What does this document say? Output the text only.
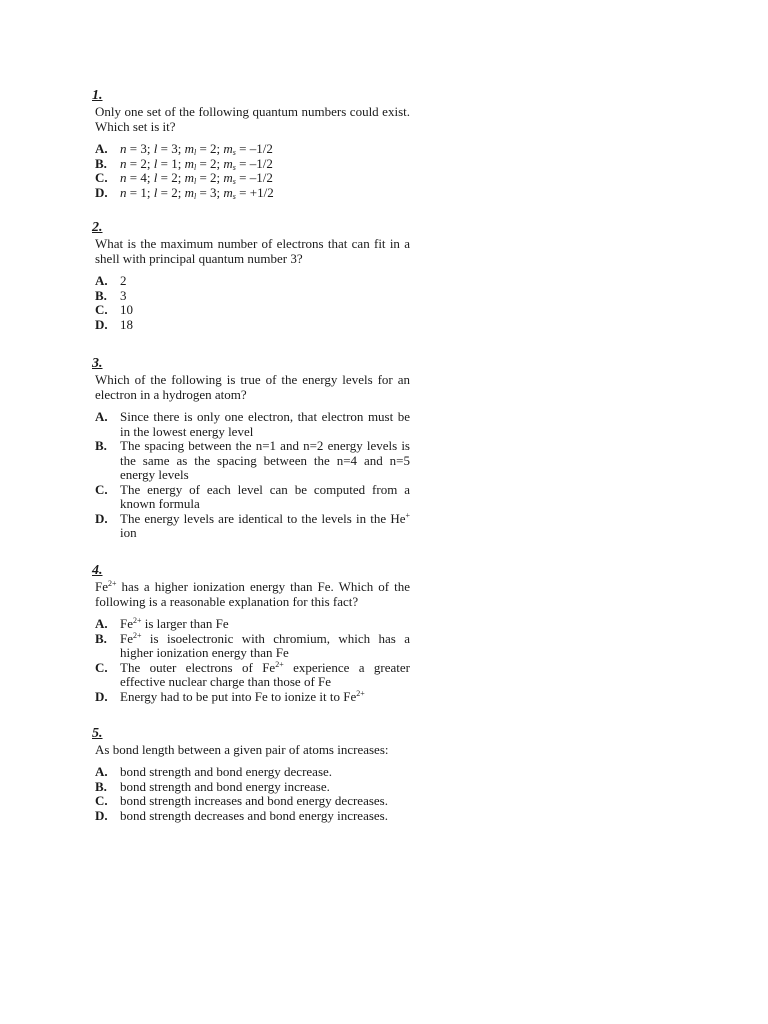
1.
Only one set of the following quantum numbers could exist. Which set is it?
A. n = 3; l = 3; $m_l = 2$; $m_s = -1/2$
B.	n = 2; l = 1; $m_l = 2$; $m_s = -1/2$
C. n = 4; l = 2; $m_l = 2$; $m_s = -1/2$
D. n = 1; l = 2; $m_l = 3$; $m_s = +1/2$
2.
What is the maximum number of electrons that can fit in a shell with principal quantum number 3?
A. 2
B.	3
C. 10
D. 18
3.
Which of the following is true of the energy levels for an electron in a hydrogen atom?
A. Since there is only one electron, that electron must be in the lowest energy level
B.	The spacing between the n=1 and n=2 energy levels is the same as the spacing between the n=4 and n=5 energy levels
C. The energy of each level can be computed from a known formula
D. The energy levels are identical to the levels in the He+ ion
4.
$Fe^{2+}$ has a higher ionization energy than Fe. Which of the following is a reasonable explanation for this fact?
A. $Fe^{2+}$ is larger than Fe
B.	$Fe^{2+}$ is isoelectronic with chromium, which has a higher ionization energy than Fe
C. The outer electrons of $Fe^{2+}$ experience a greater effective nuclear charge than those of Fe
D. Energy had to be put into Fe to ionize it to $Fe^{2+}$
5.
As bond length between a given pair of atoms increases:
A. bond strength and bond energy decrease.
B.	bond strength and bond energy increase.
C. bond strength increases and bond energy decreases.
D. bond strength decreases and bond energy increases.
